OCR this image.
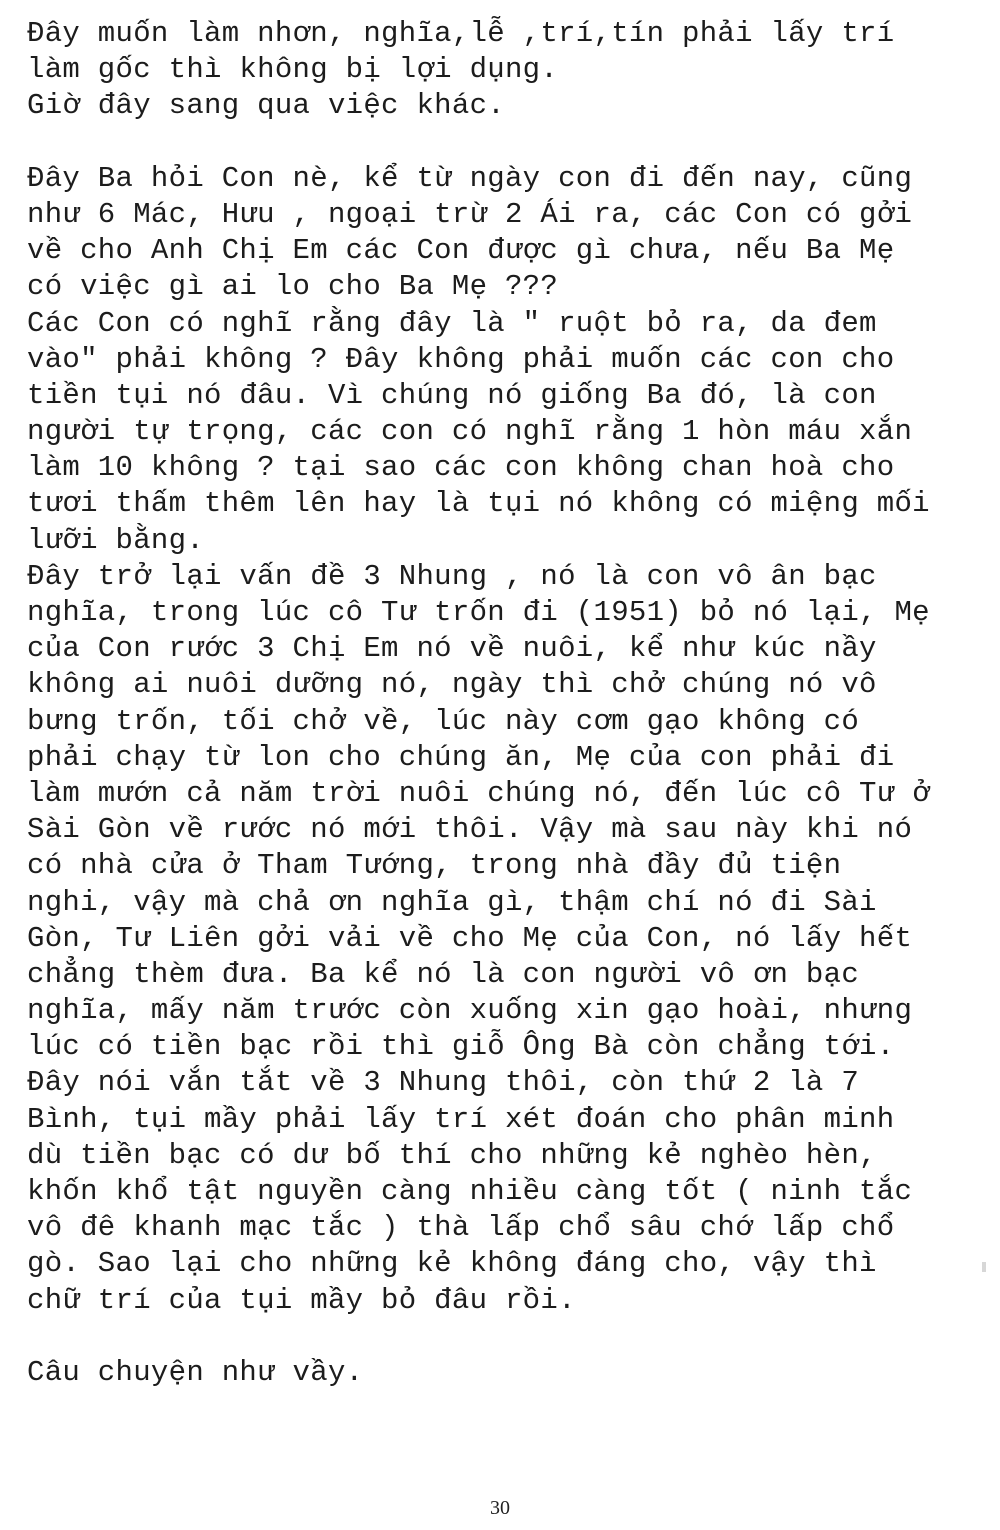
Đây muốn làm nhơn, nghĩa,lễ ,trí,tín phải lấy trí
làm gốc thì không bị lợi dụng.
Giờ đây sang qua việc khác.
Đây Ba hỏi Con nè, kể từ ngày con đi đến nay, cũng
như 6 Mác, Hưu , ngoại trừ 2 Ái ra, các Con có gởi
về cho Anh Chị Em các Con được gì chưa, nếu Ba Mẹ
có việc gì ai lo cho Ba Mẹ ???
Các Con có nghĩ rằng đây là " ruột bỏ ra, da đem
vào" phải không ? Đây không phải muốn các con cho
tiền tụi nó đâu. Vì chúng nó giống Ba đó, là con
người tự trọng, các con có nghĩ rằng 1 hòn máu xắn
làm 10 không ? tại sao các con không chan hoà cho
tươi thấm thêm lên hay là tụi nó không có miệng mối
lưỡi bằng.
Đây trở lại vấn đề 3 Nhung , nó là con vô ân bạc
nghĩa, trong lúc cô Tư trốn đi (1951) bỏ nó lại, Mẹ
của Con rước 3 Chị Em nó về nuôi, kể như kúc nầy
không ai nuôi dưỡng nó, ngày thì chở chúng nó vô
bưng trốn, tối chở về, lúc này cơm gạo không có
phải chạy từ lon cho chúng ăn, Mẹ của con phải đi
làm mướn cả năm trời nuôi chúng nó, đến lúc cô Tư ở
Sài Gòn về rước nó mới thôi. Vậy mà sau này khi nó
có nhà cửa ở Tham Tướng, trong nhà đầy đủ tiện
nghi, vậy mà chả ơn nghĩa gì, thậm chí nó đi Sài
Gòn, Tư Liên gởi vải về cho Mẹ của Con, nó lấy hết
chẳng thèm đưa. Ba kể nó là con người vô ơn bạc
nghĩa, mấy năm trước còn xuống xin gạo hoài, nhưng
lúc có tiền bạc rồi thì giỗ Ông Bà còn chẳng tới.
Đây nói vắn tắt về 3 Nhung thôi, còn thứ 2 là 7
Bình, tụi mầy phải lấy trí xét đoán cho phân minh
dù tiền bạc có dư bố thí cho những kẻ nghèo hèn,
khốn khổ tật nguyền càng nhiều càng tốt ( ninh tắc
vô đê khanh mạc tắc ) thà lấp chổ sâu chớ lấp chổ
gò. Sao lại cho những kẻ không đáng cho, vậy thì
chữ trí của tụi mầy bỏ đâu rồi.
Câu chuyện như vầy.
30
